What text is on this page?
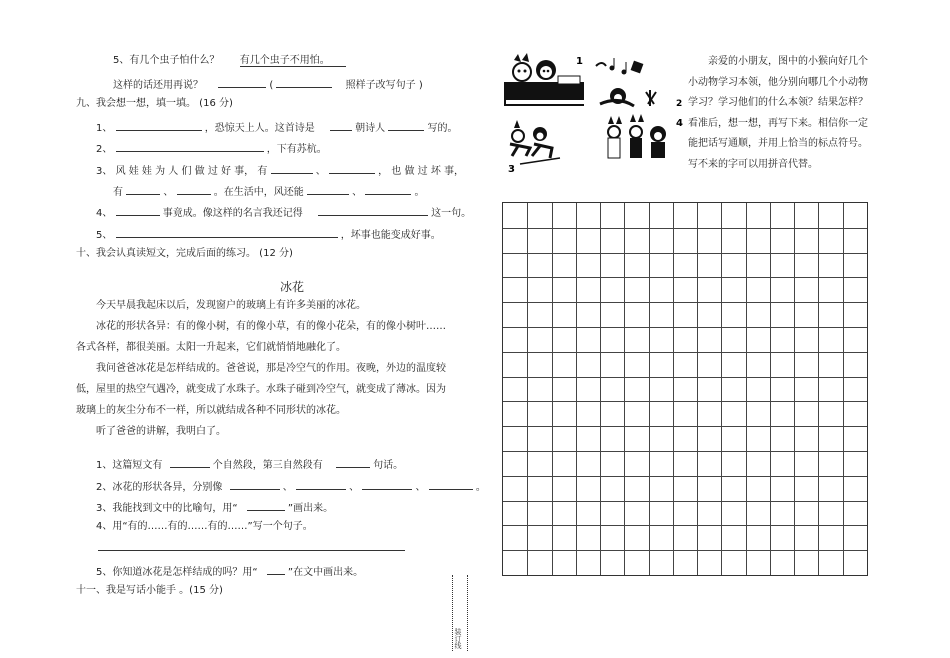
5、有几个虫子怕什么？ 有几个虫子不用怕。
这样的话还用再说？	(	照样子改写句子 )
九、我会想一想，填一填。 (16 分)
1、	，恐惊天上人。这首诗是	朝诗人	写的。
2、	，下有苏杭。
3、 风 娃 娃 为 人 们 做 过 好 事， 有	、	， 也 做 过 坏 事，
有	、	。在生活中，风还能	、	。
4、	事竟成。像这样的名言我还记得	这一句。
5、	，坏事也能变成好事。
十、我会认真读短文，完成后面的练习。 (12 分)
冰花
今天早晨我起床以后，发现窗户的玻璃上有许多美丽的冰花。
冰花的形状各异：有的像小树，有的像小草，有的像小花朵，有的像小树叶……
各式各样，都很美丽。太阳一升起来，它们就悄悄地融化了。
我问爸爸冰花是怎样结成的。爸爸说，那是冷空气的作用。夜晚，外边的温度较
低，屋里的热空气遇冷，就变成了水珠子。水珠子碰到冷空气，就变成了薄冰。因为
玻璃上的灰尘分布不一样，所以就结成各种不同形状的冰花。
听了爸爸的讲解，我明白了。
1、这篇短文有	个自然段，第三自然段有	句话。
2、冰花的形状各异，分别像	、	、	、	。
3、我能找到文中的比喻句，用“	”画出来。
4、用“有的……有的……有的……”写一个句子。
5、你知道冰花是怎样结成的吗？用“	”在文中画出来。
十一、我是写话小能手 。(15 分)
装订线
1
2
3
4

亲爱的小朋友，图中的小猴向好几个

小动物学习本领，他分别向哪几个小动物

学习？学习他们的什么本领？结果怎样？

看准后，想一想，再写下来。相信你一定

能把话写通顺，并用上恰当的标点符号。

写不来的字可以用拼音代替。
